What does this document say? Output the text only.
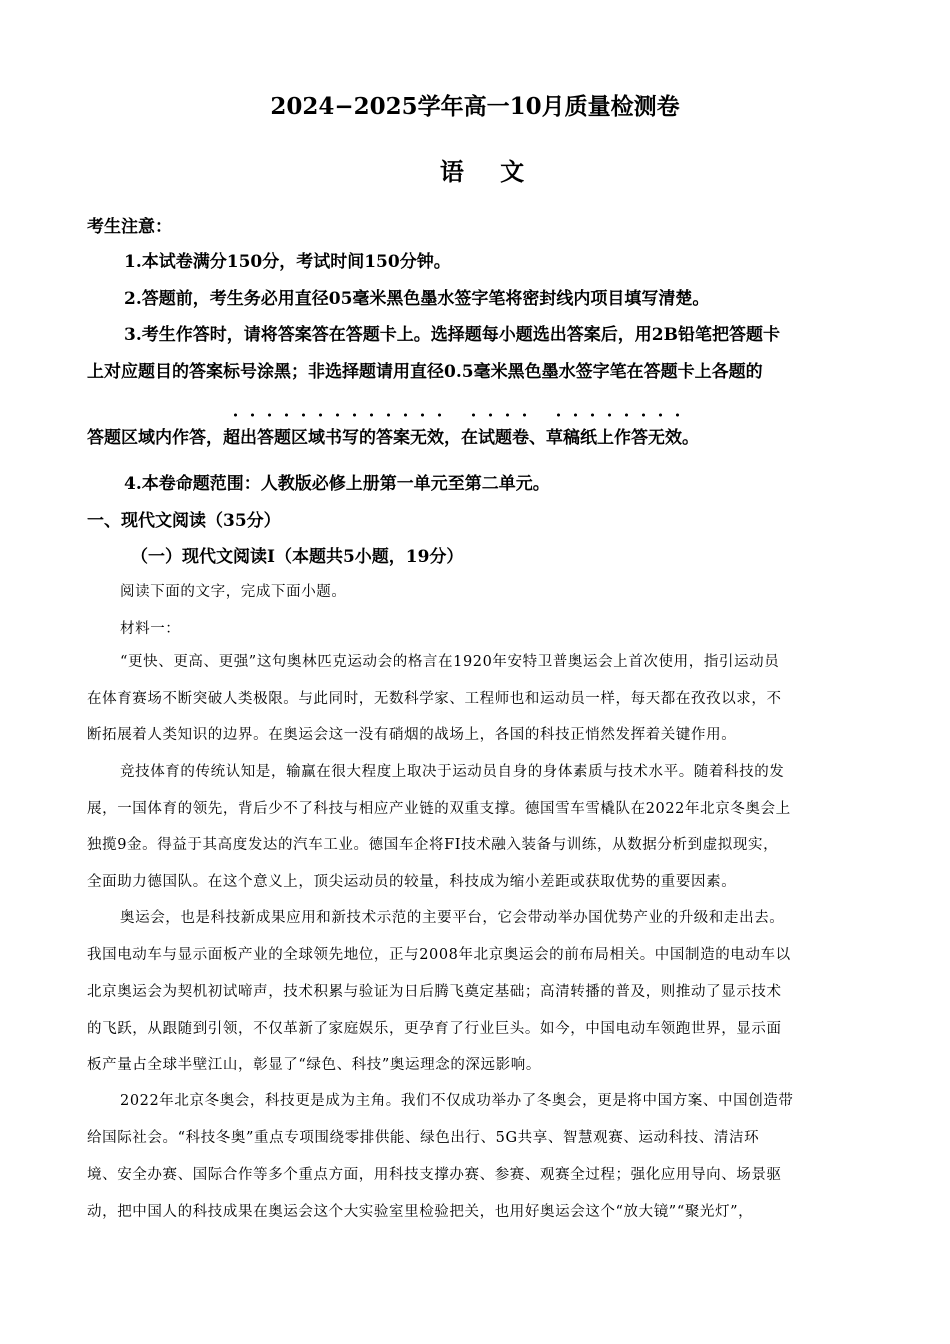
2024−2025学年高一10月质量检测卷
语 文
考生注意：
1.本试卷满分150分，考试时间150分钟。
2.答题前，考生务必用直径05毫米黑色墨水签字笔将密封线内项目填写清楚。
3.考生作答时，请将答案答在答题卡上。选择题每小题选出答案后，用2B铅笔把答题卡
上对应题目的答案标号涂黑；非选择题请用直径0.5毫米黑色墨水签字笔在答题卡上各题的
答题区域内作答，
超出答题区域书写的答案无效，
在试题卷、
草稿纸上作答无效。
4.本卷命题范围：人教版必修上册第一单元至第二单元。
一、现代文阅读（35分）
（一）现代文阅读Ⅰ（本题共5小题，19分）
阅读下面的文字，完成下面小题。
材料一：
“更快、更高、更强”这句奥林匹克运动会的格言在1920年安特卫普奥运会上首次使用，指引运动员
在体育赛场不断突破人类极限。与此同时，无数科学家、工程师也和运动员一样，每天都在孜孜以求，不
断拓展着人类知识的边界。在奥运会这一没有硝烟的战场上，各国的科技正悄然发挥着关键作用。
竞技体育的传统认知是，输赢在很大程度上取决于运动员自身的身体素质与技术水平。随着科技的发
展，一国体育的领先，背后少不了科技与相应产业链的双重支撑。德国雪车雪橇队在2022年北京冬奥会上
独揽9金。得益于其高度发达的汽车工业。德国车企将FI技术融入装备与训练，从数据分析到虚拟现实，
全面助力德国队。在这个意义上，顶尖运动员的较量，科技成为缩小差距或获取优势的重要因素。
奥运会，也是科技新成果应用和新技术示范的主要平台，它会带动举办国优势产业的升级和走出去。
我国电动车与显示面板产业的全球领先地位，正与2008年北京奥运会的前布局相关。中国制造的电动车以
北京奥运会为契机初试啼声，技术积累与验证为日后腾飞奠定基础；高清转播的普及，则推动了显示技术
的飞跃，从跟随到引领，不仅革新了家庭娱乐，更孕育了行业巨头。如今，中国电动车领跑世界，显示面
板产量占全球半壁江山，彰显了“绿色、科技”奥运理念的深远影响。
2022年北京冬奥会，科技更是成为主角。我们不仅成功举办了冬奥会，更是将中国方案、中国创造带
给国际社会。“科技冬奥”重点专项围绕零排供能、绿色出行、5G共享、智慧观赛、运动科技、清洁环
境、安全办赛、国际合作等多个重点方面，用科技支撑办赛、参赛、观赛全过程；强化应用导向、场景驱
动，把中国人的科技成果在奥运会这个大实验室里检验把关，也用好奥运会这个“放大镜”“聚光灯”，
